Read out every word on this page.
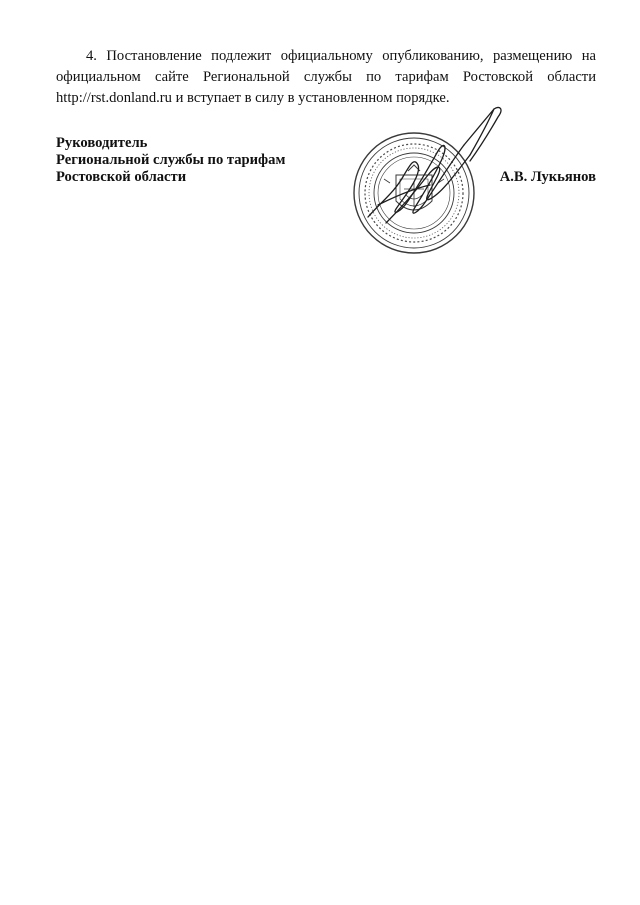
4. Постановление подлежит официальному опубликованию, размещению на официальном сайте Региональной службы по тарифам Ростовской области http://rst.donland.ru и вступает в силу в установленном порядке.

Руководитель
Региональной службы по тарифам
Ростовской области	А.В. Лукьянов
